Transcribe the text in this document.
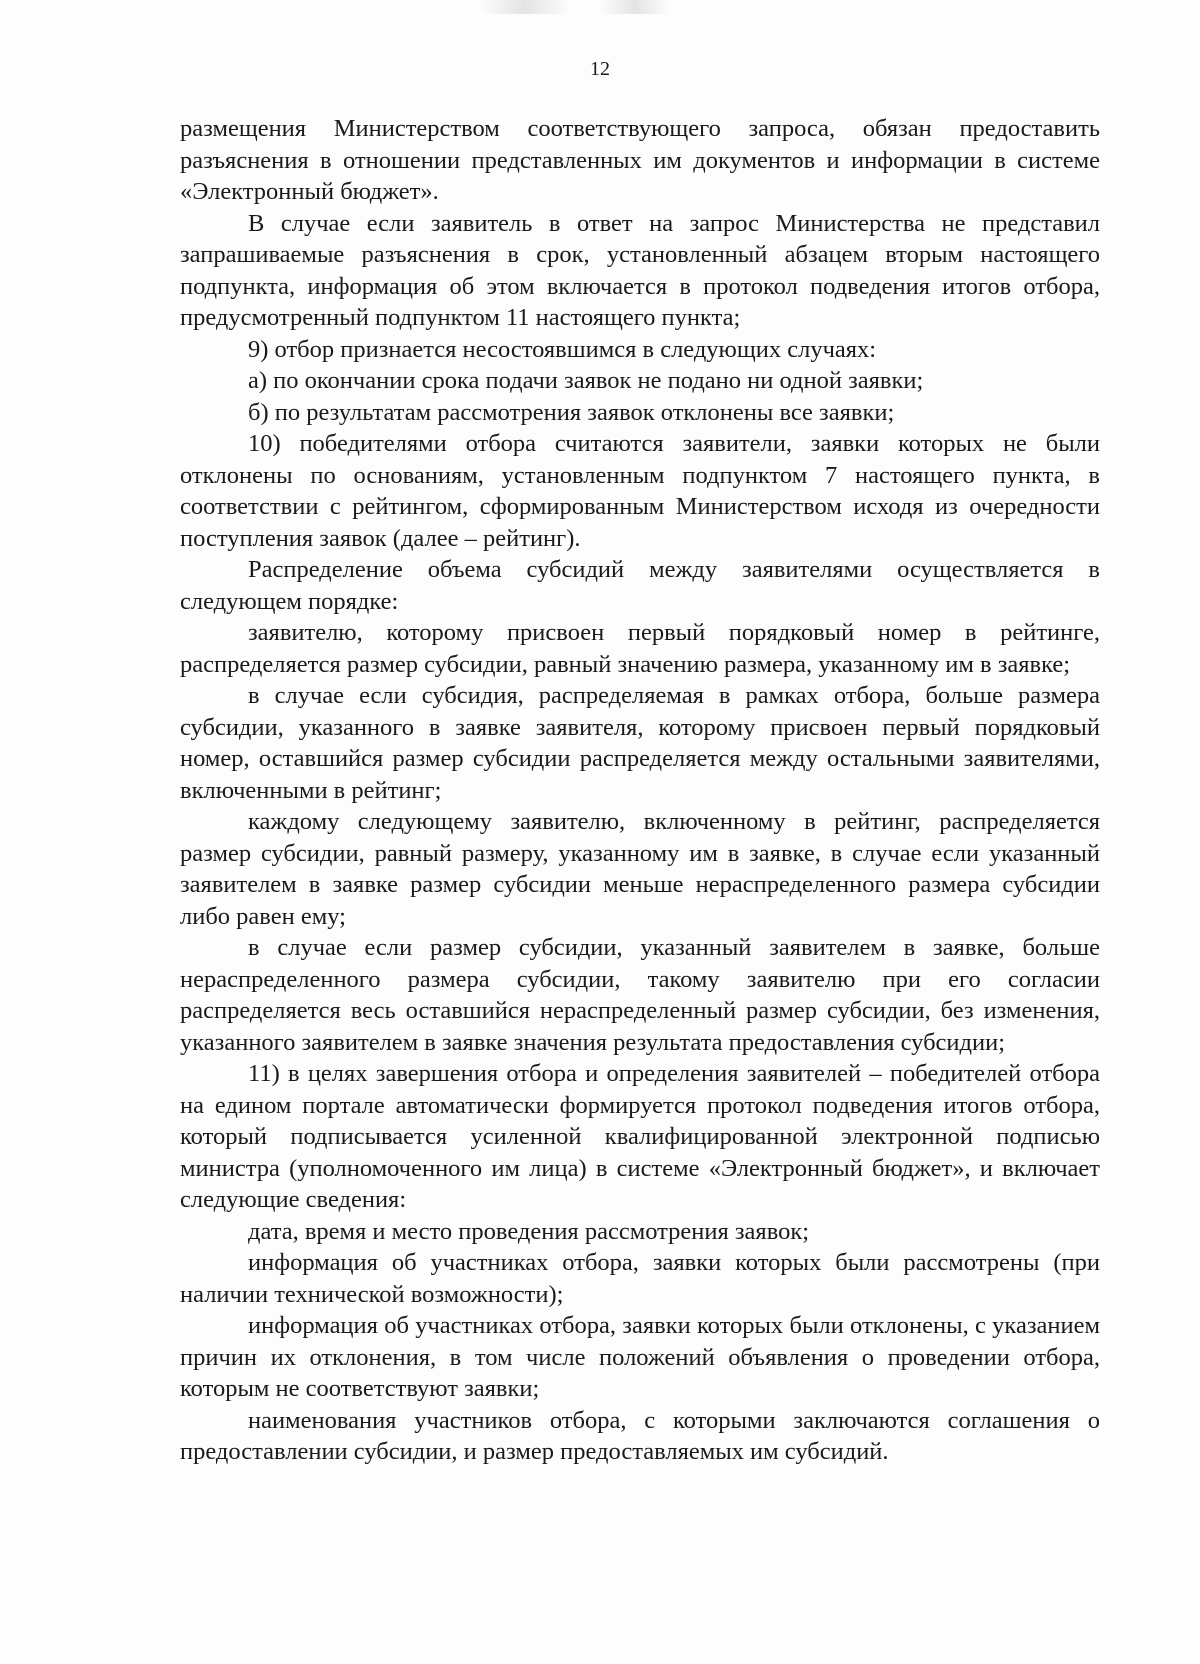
12

размещения Министерством соответствующего запроса, обязан предоставить разъяснения в отношении представленных им документов и информации в системе «Электронный бюджет».

В случае если заявитель в ответ на запрос Министерства не представил запрашиваемые разъяснения в срок, установленный абзацем вторым настоящего подпункта, информация об этом включается в протокол подведения итогов отбора, предусмотренный подпунктом 11 настоящего пункта;

9) отбор признается несостоявшимся в следующих случаях:

а) по окончании срока подачи заявок не подано ни одной заявки;

б) по результатам рассмотрения заявок отклонены все заявки;

10) победителями отбора считаются заявители, заявки которых не были отклонены по основаниям, установленным подпунктом 7 настоящего пункта, в соответствии с рейтингом, сформированным Министерством исходя из очередности поступления заявок (далее – рейтинг).

Распределение объема субсидий между заявителями осуществляется в следующем порядке:

заявителю, которому присвоен первый порядковый номер в рейтинге, распределяется размер субсидии, равный значению размера, указанному им в заявке;

в случае если субсидия, распределяемая в рамках отбора, больше размера субсидии, указанного в заявке заявителя, которому присвоен первый порядковый номер, оставшийся размер субсидии распределяется между остальными заявителями, включенными в рейтинг;

каждому следующему заявителю, включенному в рейтинг, распределяется размер субсидии, равный размеру, указанному им в заявке, в случае если указанный заявителем в заявке размер субсидии меньше нераспределенного размера субсидии либо равен ему;

в случае если размер субсидии, указанный заявителем в заявке, больше нераспределенного размера субсидии, такому заявителю при его согласии распределяется весь оставшийся нераспределенный размер субсидии, без изменения, указанного заявителем в заявке значения результата предоставления субсидии;

11) в целях завершения отбора и определения заявителей – победителей отбора на едином портале автоматически формируется протокол подведения итогов отбора, который подписывается усиленной квалифицированной электронной подписью министра (уполномоченного им лица) в системе «Электронный бюджет», и включает следующие сведения:

дата, время и место проведения рассмотрения заявок;

информация об участниках отбора, заявки которых были рассмотрены (при наличии технической возможности);

информация об участниках отбора, заявки которых были отклонены, с указанием причин их отклонения, в том числе положений объявления о проведении отбора, которым не соответствуют заявки;

наименования участников отбора, с которыми заключаются соглашения о предоставлении субсидии, и размер предоставляемых им субсидий.
